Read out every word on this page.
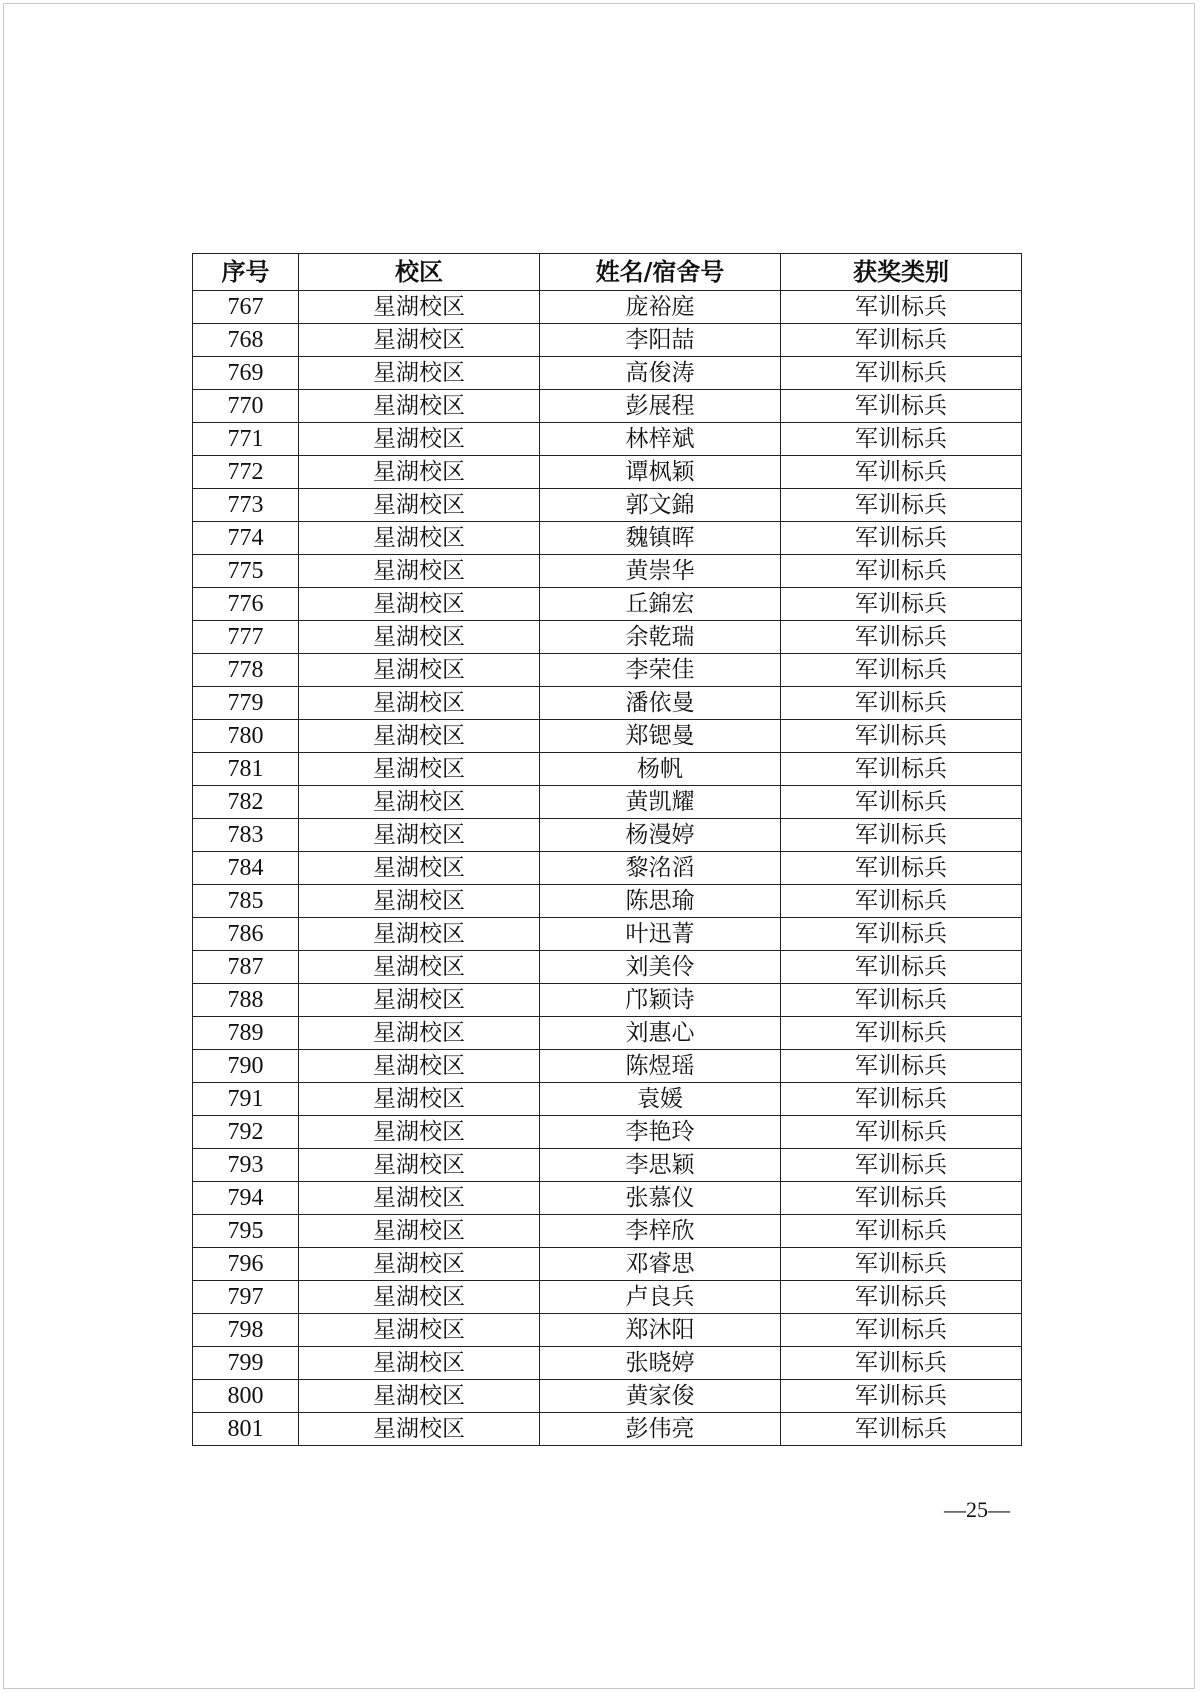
序号	校区	姓名/宿舍号	获奖类别
767	星湖校区	庞裕庭	军训标兵
768	星湖校区	李阳喆	军训标兵
769	星湖校区	高俊涛	军训标兵
770	星湖校区	彭展程	军训标兵
771	星湖校区	林梓斌	军训标兵
772	星湖校区	谭枫颖	军训标兵
773	星湖校区	郭文錦	军训标兵
774	星湖校区	魏镇晖	军训标兵
775	星湖校区	黄崇华	军训标兵
776	星湖校区	丘錦宏	军训标兵
777	星湖校区	余乾瑞	军训标兵
778	星湖校区	李荣佳	军训标兵
779	星湖校区	潘依曼	军训标兵
780	星湖校区	郑锶曼	军训标兵
781	星湖校区	杨帆	军训标兵
782	星湖校区	黄凯耀	军训标兵
783	星湖校区	杨漫婷	军训标兵
784	星湖校区	黎洺滔	军训标兵
785	星湖校区	陈思瑜	军训标兵
786	星湖校区	叶迅菁	军训标兵
787	星湖校区	刘美伶	军训标兵
788	星湖校区	邝颖诗	军训标兵
789	星湖校区	刘惠心	军训标兵
790	星湖校区	陈煜瑶	军训标兵
791	星湖校区	袁媛	军训标兵
792	星湖校区	李艳玲	军训标兵
793	星湖校区	李思颖	军训标兵
794	星湖校区	张慕仪	军训标兵
795	星湖校区	李梓欣	军训标兵
796	星湖校区	邓睿思	军训标兵
797	星湖校区	卢良兵	军训标兵
798	星湖校区	郑沐阳	军训标兵
799	星湖校区	张晓婷	军训标兵
800	星湖校区	黄家俊	军训标兵
801	星湖校区	彭伟亮	军训标兵
—25—
